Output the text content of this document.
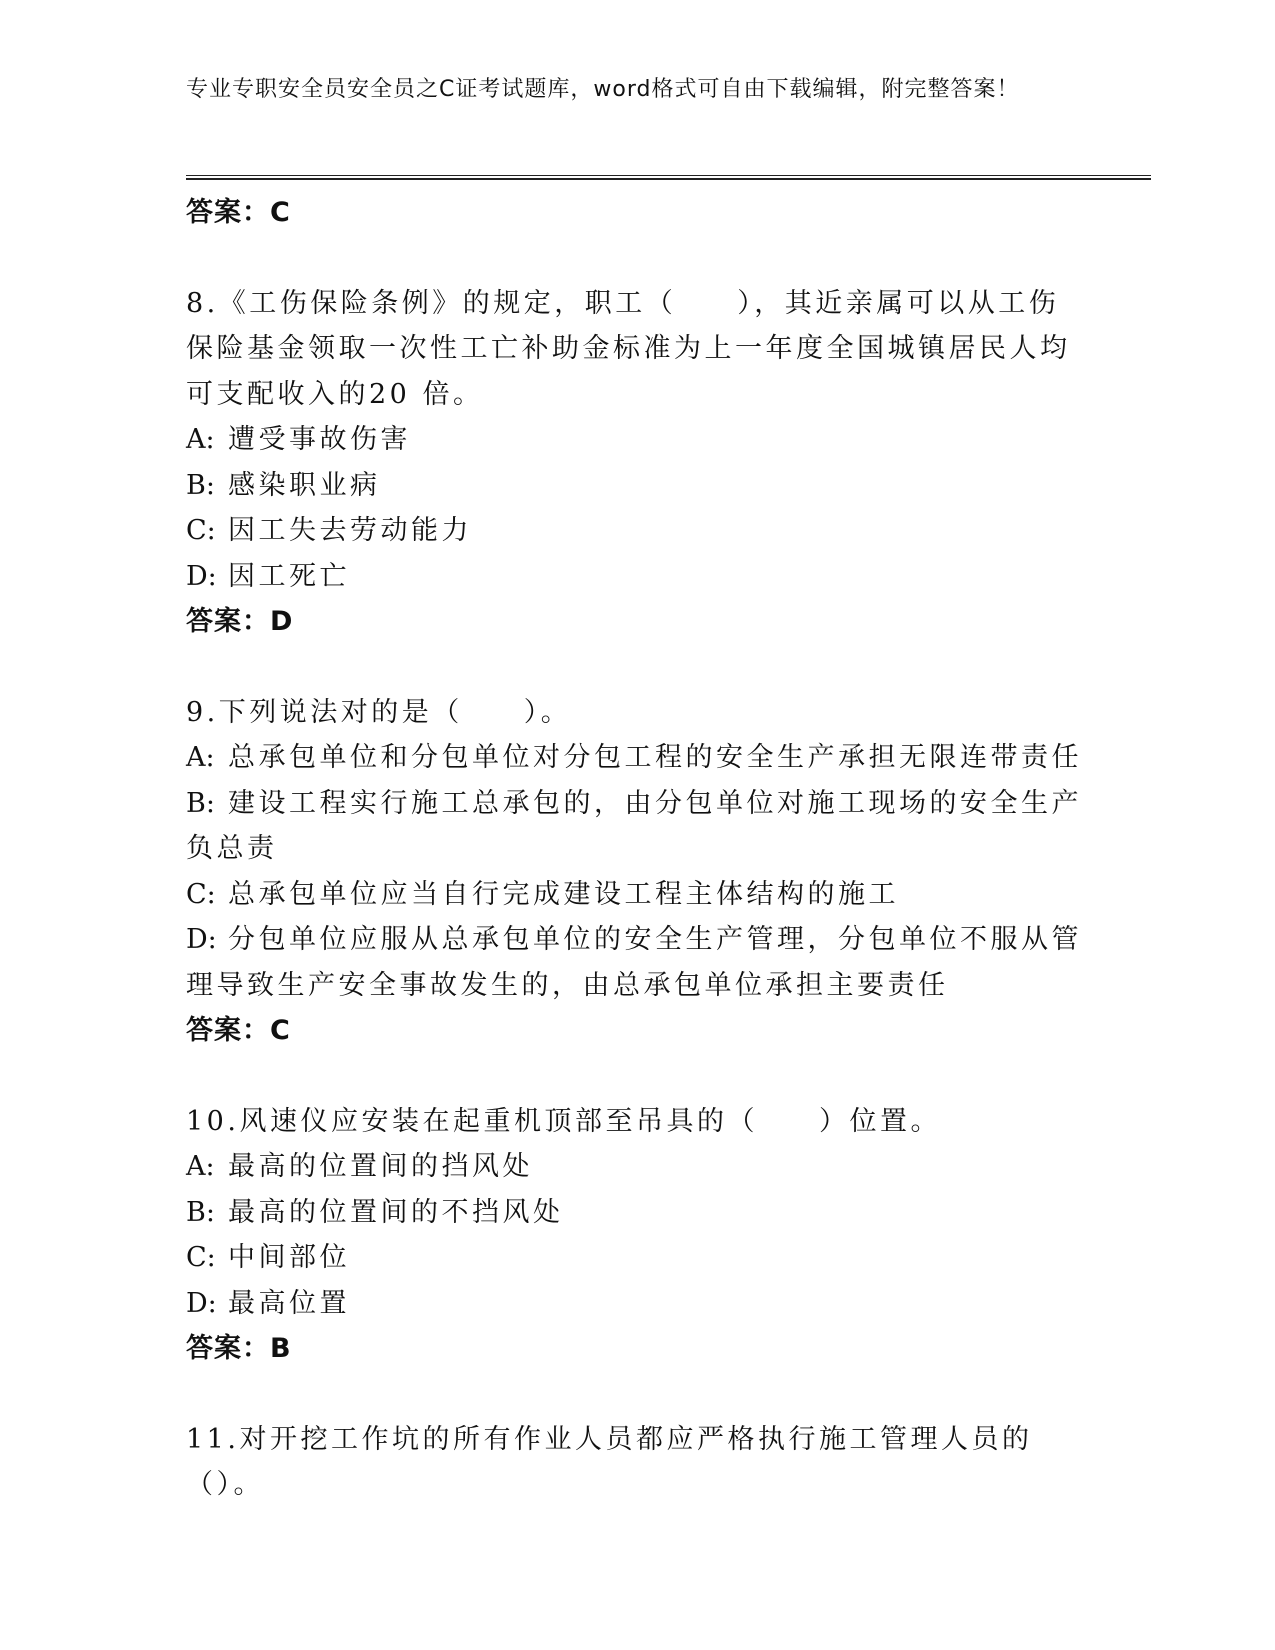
专业专职安全员安全员之C证考试题库，word格式可自由下载编辑，附完整答案！

答案：C

8.《工伤保险条例》的规定，职工（　　），其近亲属可以从工伤保险基金领取一次性工亡补助金标准为上一年度全国城镇居民人均可支配收入的20 倍。

A: 遭受事故伤害

B: 感染职业病

C: 因工失去劳动能力

D: 因工死亡

答案：D

9.下列说法对的是（　　）。

A: 总承包单位和分包单位对分包工程的安全生产承担无限连带责任

B: 建设工程实行施工总承包的，由分包单位对施工现场的安全生产负总责

C: 总承包单位应当自行完成建设工程主体结构的施工

D: 分包单位应服从总承包单位的安全生产管理，分包单位不服从管理导致生产安全事故发生的，由总承包单位承担主要责任

答案：C

10.风速仪应安装在起重机顶部至吊具的（　　）位置。

A: 最高的位置间的挡风处

B: 最高的位置间的不挡风处

C: 中间部位

D: 最高位置

答案：B

11.对开挖工作坑的所有作业人员都应严格执行施工管理人员的（）。
